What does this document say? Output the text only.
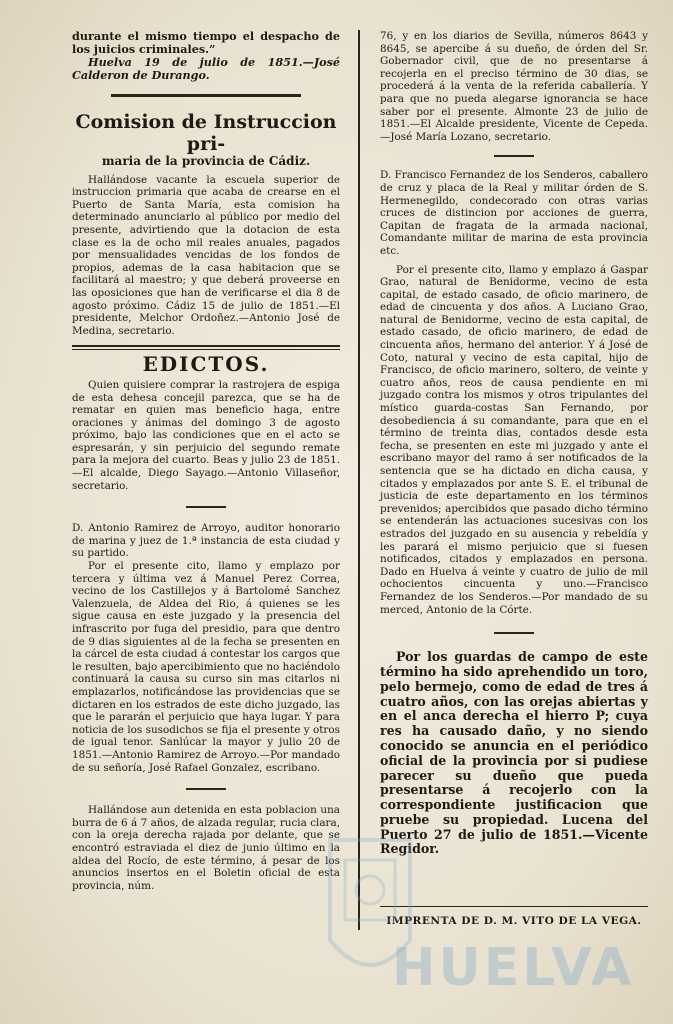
durante el mismo tiempo el despacho de los juicios criminales.”

Huelva 19 de julio de 1851.—José Calderon de Durango.

Comision de Instruccion pri-
maria de la provincia de Cádiz.

Hallándose vacante la escuela superior de instruccion primaria que acaba de crearse en el Puerto de Santa María, esta comision ha determinado anunciarlo al público por medio del presente, advirtiendo que la dotacion de esta clase es la de ocho mil reales anuales, pagados por mensualidades vencidas de los fondos de propios, ademas de la casa habitacion que se facilitará al maestro; y que deberá proveerse en las oposiciones que han de verificarse el dia 8 de agosto próximo. Cádiz 15 de julio de 1851.—El presidente, Melchor Ordoñez.—Antonio José de Medina, secretario.

EDICTOS.

Quien quisiere comprar la rastrojera de espiga de esta dehesa concejil parezca, que se ha de rematar en quien mas beneficio haga, entre oraciones y ánimas del domingo 3 de agosto próximo, bajo las condiciones que en el acto se espresarán, y sin perjuicio del segundo remate para la mejora del cuarto. Beas y julio 23 de 1851.—El alcalde, Diego Sayago.—Antonio Villaseñor, secretario.

D. Antonio Ramirez de Arroyo, auditor honorario de marina y juez de 1.ª instancia de esta ciudad y su partido.

Por el presente cito, llamo y emplazo por tercera y última vez á Manuel Perez Correa, vecino de los Castillejos y á Bartolomé Sanchez Valenzuela, de Aldea del Rio, á quienes se les sigue causa en este juzgado y la presencia del infrascrito por fuga del presidio, para que dentro de 9 dias siguientes al de la fecha se presenten en la cárcel de esta ciudad á contestar los cargos que le resulten, bajo apercibimiento que no haciéndolo continuará la causa su curso sin mas citarlos ni emplazarlos, notificándose las providencias que se dictaren en los estrados de este dicho juzgado, las que le pararán el perjuicio que haya lugar. Y para noticia de los susodichos se fija el presente y otros de igual tenor. Sanlúcar la mayor y julio 20 de 1851.—Antonio Ramirez de Arroyo.—Por mandado de su señoría, José Rafael Gonzalez, escribano.

Hallándose aun detenida en esta poblacion una burra de 6 á 7 años, de alzada regular, rucia clara, con la oreja derecha rajada por delante, que se encontró estraviada el diez de junio último en la aldea del Rocío, de este término, á pesar de los anuncios insertos en el Boletin oficial de esta provincia, núm.

76, y en los diarios de Sevilla, números 8643 y 8645, se apercibe á su dueño, de órden del Sr. Gobernador civil, que de no presentarse á recojerla en el preciso término de 30 dias, se procederá á la venta de la referida caballería. Y para que no pueda alegarse ignorancia se hace saber por el presente. Almonte 23 de julio de 1851.—El Alcalde presidente, Vicente de Cepeda.—José María Lozano, secretario.

D. Francisco Fernandez de los Senderos, caballero de cruz y placa de la Real y militar órden de S. Hermenegildo, condecorado con otras varias cruces de distincion por acciones de guerra, Capitan de fragata de la armada nacional, Comandante militar de marina de esta provincia etc.

Por el presente cito, llamo y emplazo á Gaspar Grao, natural de Benidorme, vecino de esta capital, de estado casado, de oficio marinero, de edad de cincuenta y dos años. A Luciano Grao, natural de Benidorme, vecino de esta capital, de estado casado, de oficio marinero, de edad de cincuenta años, hermano del anterior. Y á José de Coto, natural y vecino de esta capital, hijo de Francisco, de oficio marinero, soltero, de veinte y cuatro años, reos de causa pendiente en mi juzgado contra los mismos y otros tripulantes del místico guarda-costas San Fernando, por desobediencia á su comandante, para que en el término de treinta dias, contados desde esta fecha, se presenten en este mi juzgado y ante el escribano mayor del ramo á ser notificados de la sentencia que se ha dictado en dicha causa, y citados y emplazados por ante S. E. el tribunal de justicia de este departamento en los términos prevenidos; apercibidos que pasado dicho término se entenderán las actuaciones sucesivas con los estrados del juzgado en su ausencia y rebeldía y les parará el mismo perjuicio que si fuesen notificados, citados y emplazados en persona. Dado en Huelva á veinte y cuatro de julio de mil ochocientos cincuenta y uno.—Francisco Fernandez de los Senderos.—Por mandado de su merced, Antonio de la Córte.

Por los guardas de campo de este término ha sido aprehendido un toro, pelo bermejo, como de edad de tres á cuatro años, con las orejas abiertas y en el anca derecha el hierro P; cuya res ha causado daño, y no siendo conocido se anuncia en el periódico oficial de la provincia por si pudiese parecer su dueño que pueda presentarse á recojerlo con la correspondiente justificacion que pruebe su propiedad. Lucena del Puerto 27 de julio de 1851.—Vicente Regidor.

IMPRENTA DE D. M. VITO DE LA VEGA.
HUELVA
